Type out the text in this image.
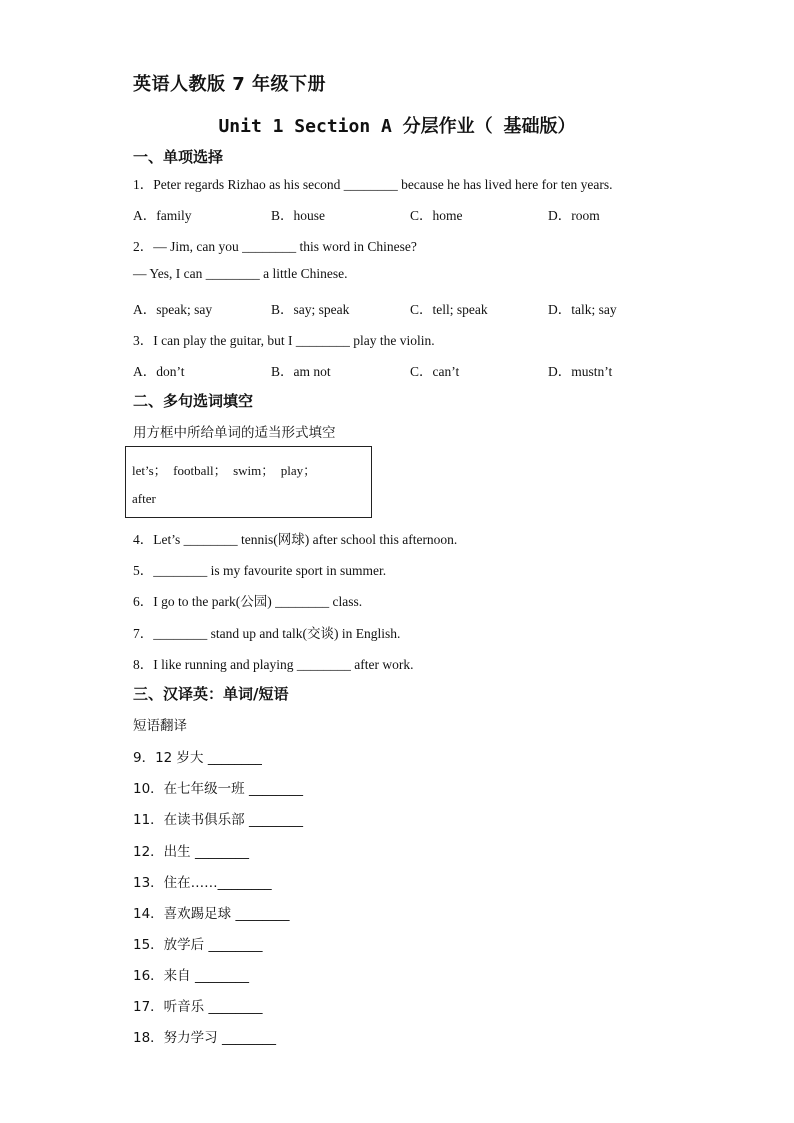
英语人教版 7 年级下册
Unit 1 Section A 分层作业（ 基础版）
一、单项选择
1．Peter regards Rizhao as his second ________ because he has lived here for ten years.
A．family	B．house	C．home	D．room
2．— Jim, can you ________ this word in Chinese?
— Yes, I can ________ a little Chinese.
A．speak; say	B．say; speak	C．tell; speak	D．talk; say
3．I can play the guitar, but I ________ play the violin.
A．don’t	B．am not	C．can’t	D．mustn’t
二、多句选词填空
用方框中所给单词的适当形式填空
let’s；　football；　swim；　play；
after
4．Let’s ________ tennis(网球) after school this afternoon.
5．________ is my favourite sport in summer.
6．I go to the park(公园) ________ class.
7．________ stand up and talk(交谈) in English.
8．I like running and playing ________ after work.
三、汉译英：单词/短语
短语翻译
9．12 岁大 ________
10．在七年级一班 ________
11．在读书俱乐部 ________
12．出生 ________
13．住在……________
14．喜欢踢足球 ________
15．放学后 ________
16．来自 ________
17．听音乐 ________
18．努力学习 ________
